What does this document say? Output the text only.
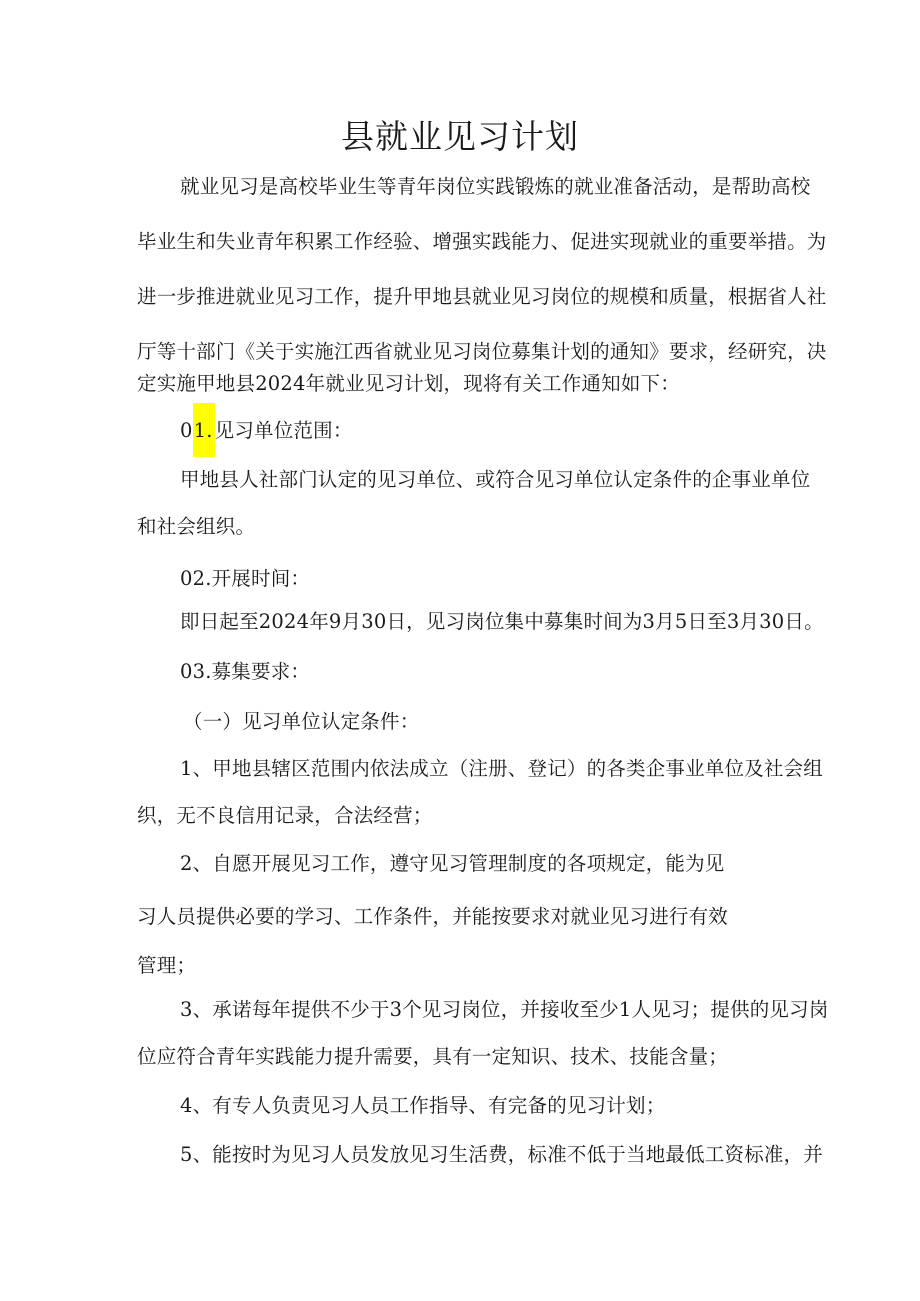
县就业见习计划
就业见习是高校毕业生等青年岗位实践锻炼的就业准备活动，是帮助高校
毕业生和失业青年积累工作经验、增强实践能力、促进实现就业的重要举措。为
进一步推进就业见习工作，提升甲地县就业见习岗位的规模和质量，根据省人社
厅等十部门《关于实施江西省就业见习岗位募集计划的通知》要求，经研究，决
定实施甲地县2024年就业见习计划，现将有关工作通知如下：
01. 见习单位范围：
甲地县人社部门认定的见习单位、或符合见习单位认定条件的企事业单位
和社会组织。
02.开展时间：
即日起至2024年9月30日，见习岗位集中募集时间为3月5日至3月30日。
03.募集要求：
（一）见习单位认定条件：
1、甲地县辖区范围内依法成立（注册、登记）的各类企事业单位及社会组
织，无不良信用记录，合法经营；
2、自愿开展见习工作，遵守见习管理制度的各项规定，能为见
习人员提供必要的学习、工作条件，并能按要求对就业见习进行有效
管理；
3、承诺每年提供不少于3个见习岗位，并接收至少1人见习；提供的见习岗
位应符合青年实践能力提升需要，具有一定知识、技术、技能含量；
4、有专人负责见习人员工作指导、有完备的见习计划；
5、能按时为见习人员发放见习生活费，标准不低于当地最低工资标准，并
